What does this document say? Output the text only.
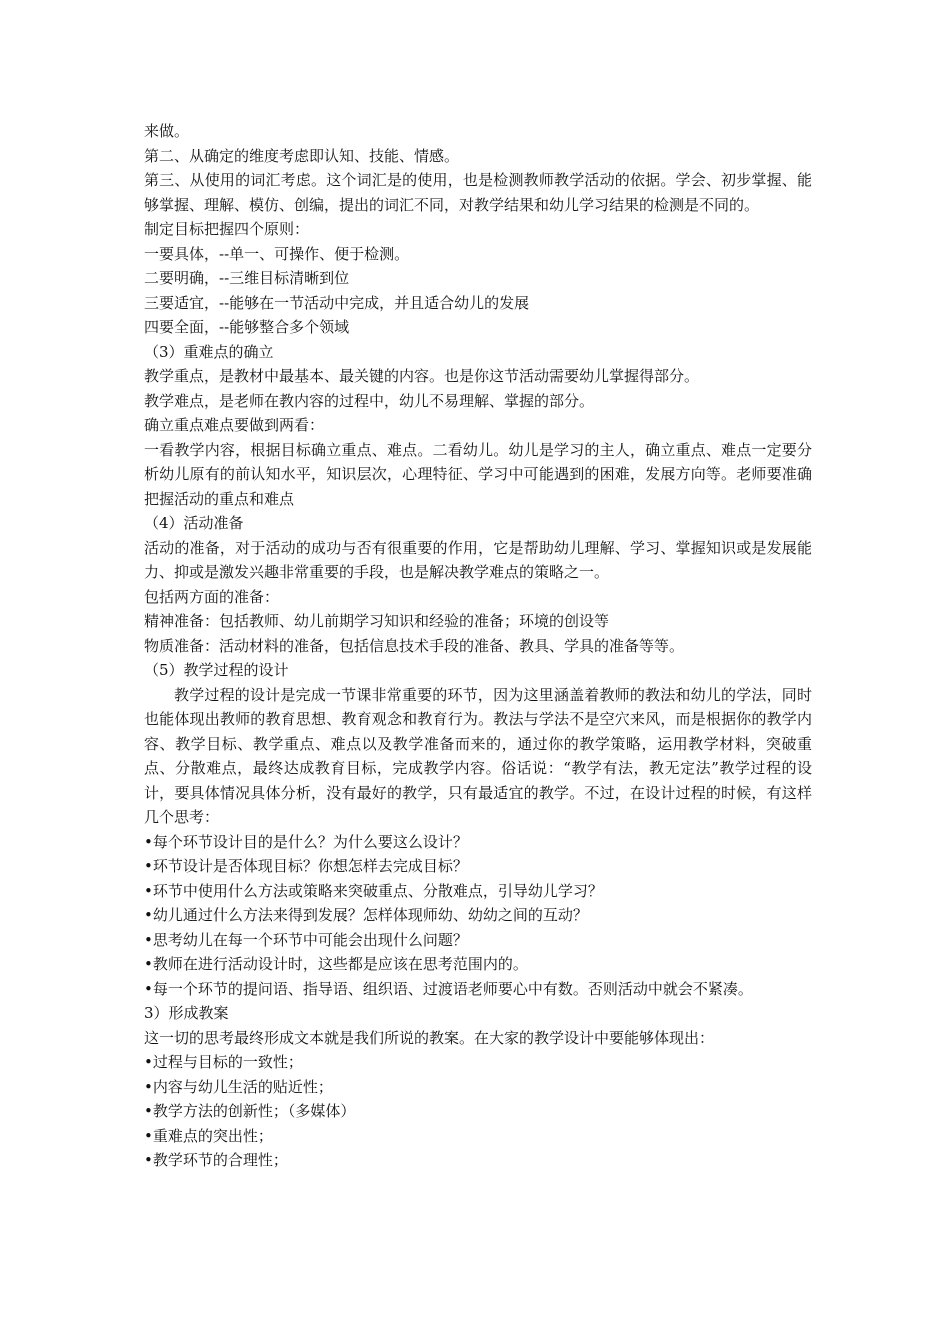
来做。

第二、从确定的维度考虑即认知、技能、情感。

第三、从使用的词汇考虑。这个词汇是的使用，也是检测教师教学活动的依据。学会、初步掌握、能够掌握、理解、模仿、创编，提出的词汇不同，对教学结果和幼儿学习结果的检测是不同的。

制定目标把握四个原则：

一要具体，--单一、可操作、便于检测。

二要明确，--三维目标清晰到位

三要适宜，--能够在一节活动中完成，并且适合幼儿的发展

四要全面，--能够整合多个领域

（3）重难点的确立

教学重点，是教材中最基本、最关键的内容。也是你这节活动需要幼儿掌握得部分。

教学难点，是老师在教内容的过程中，幼儿不易理解、掌握的部分。

确立重点难点要做到两看：

一看教学内容，根据目标确立重点、难点。二看幼儿。幼儿是学习的主人，确立重点、难点一定要分析幼儿原有的前认知水平，知识层次，心理特征、学习中可能遇到的困难，发展方向等。老师要准确把握活动的重点和难点

（4）活动准备

活动的准备，对于活动的成功与否有很重要的作用，它是帮助幼儿理解、学习、掌握知识或是发展能力、抑或是激发兴趣非常重要的手段，也是解决教学难点的策略之一。

包括两方面的准备：

精神准备：包括教师、幼儿前期学习知识和经验的准备；环境的创设等

物质准备：活动材料的准备，包括信息技术手段的准备、教具、学具的准备等等。

（5）教学过程的设计

教学过程的设计是完成一节课非常重要的环节，因为这里涵盖着教师的教法和幼儿的学法，同时也能体现出教师的教育思想、教育观念和教育行为。教法与学法不是空穴来风，而是根据你的教学内容、教学目标、教学重点、难点以及教学准备而来的，通过你的教学策略，运用教学材料，突破重点、分散难点，最终达成教育目标，完成教学内容。俗话说：“教学有法，教无定法”教学过程的设计，要具体情况具体分析，没有最好的教学，只有最适宜的教学。不过，在设计过程的时候，有这样几个思考：

•每个环节设计目的是什么？为什么要这么设计？

•环节设计是否体现目标？你想怎样去完成目标？

•环节中使用什么方法或策略来突破重点、分散难点，引导幼儿学习？

•幼儿通过什么方法来得到发展？怎样体现师幼、幼幼之间的互动？

•思考幼儿在每一个环节中可能会出现什么问题？

•教师在进行活动设计时，这些都是应该在思考范围内的。

•每一个环节的提问语、指导语、组织语、过渡语老师要心中有数。否则活动中就会不紧凑。

3）形成教案

这一切的思考最终形成文本就是我们所说的教案。在大家的教学设计中要能够体现出：

•过程与目标的一致性；

•内容与幼儿生活的贴近性；

•教学方法的创新性；（多媒体）

•重难点的突出性；

•教学环节的合理性；
